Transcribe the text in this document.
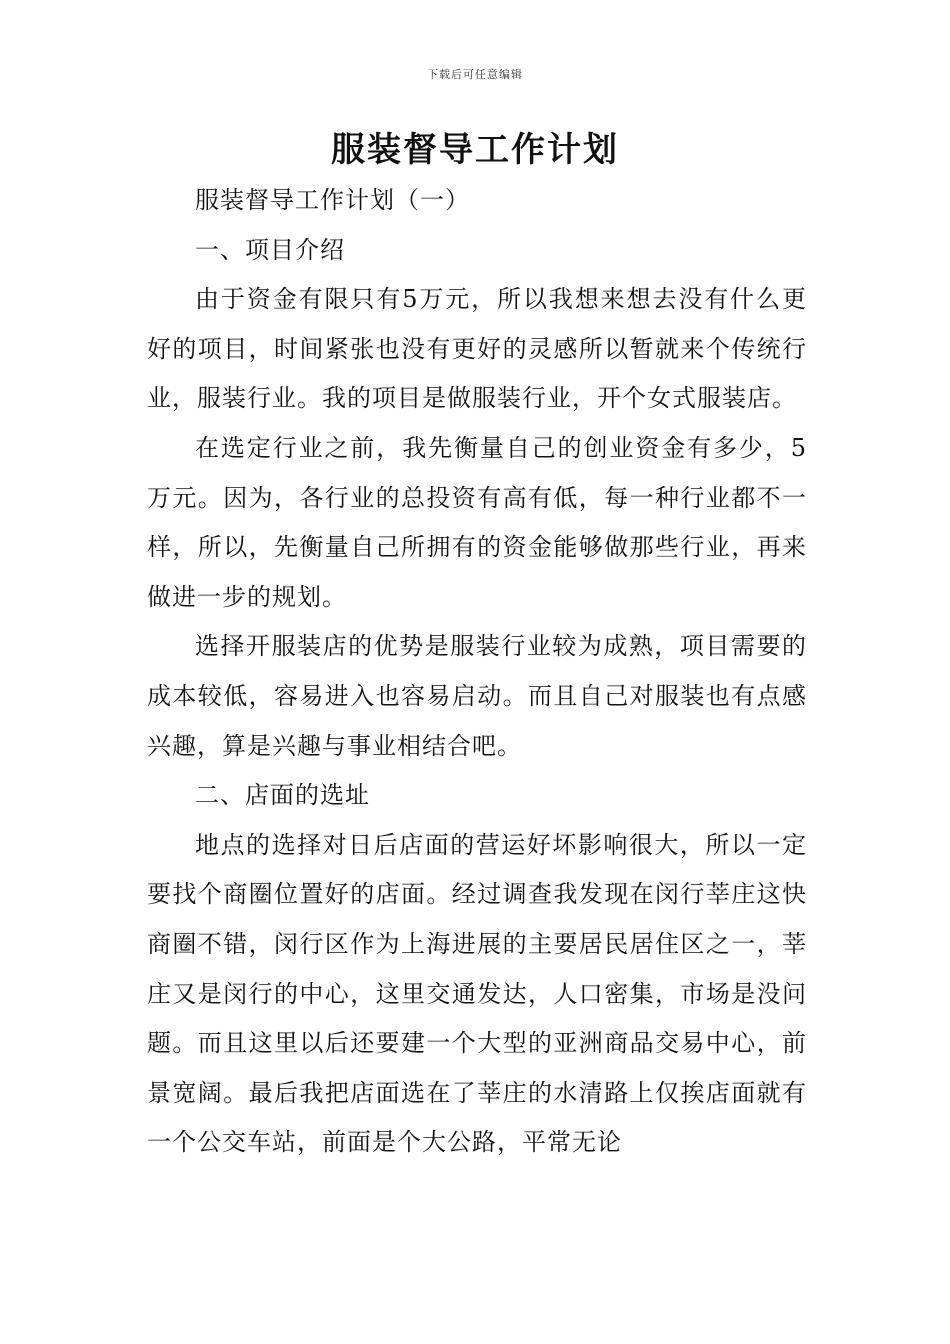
下载后可任意编辑
服装督导工作计划

服装督导工作计划（一）

一、项目介绍

由于资金有限只有5万元，所以我想来想去没有什么更好的项目，时间紧张也没有更好的灵感所以暂就来个传统行业，服装行业。我的项目是做服装行业，开个女式服装店。

在选定行业之前，我先衡量自己的创业资金有多少，5万元。因为，各行业的总投资有高有低，每一种行业都不一样，所以，先衡量自己所拥有的资金能够做那些行业，再来做进一步的规划。

选择开服装店的优势是服装行业较为成熟，项目需要的成本较低，容易进入也容易启动。而且自己对服装也有点感兴趣，算是兴趣与事业相结合吧。

二、店面的选址

地点的选择对日后店面的营运好坏影响很大，所以一定要找个商圈位置好的店面。经过调查我发现在闵行莘庄这快商圈不错，闵行区作为上海进展的主要居民居住区之一，莘庄又是闵行的中心，这里交通发达，人口密集，市场是没问题。而且这里以后还要建一个大型的亚洲商品交易中心，前景宽阔。最后我把店面选在了莘庄的水清路上仅挨店面就有一个公交车站，前面是个大公路，平常无论
